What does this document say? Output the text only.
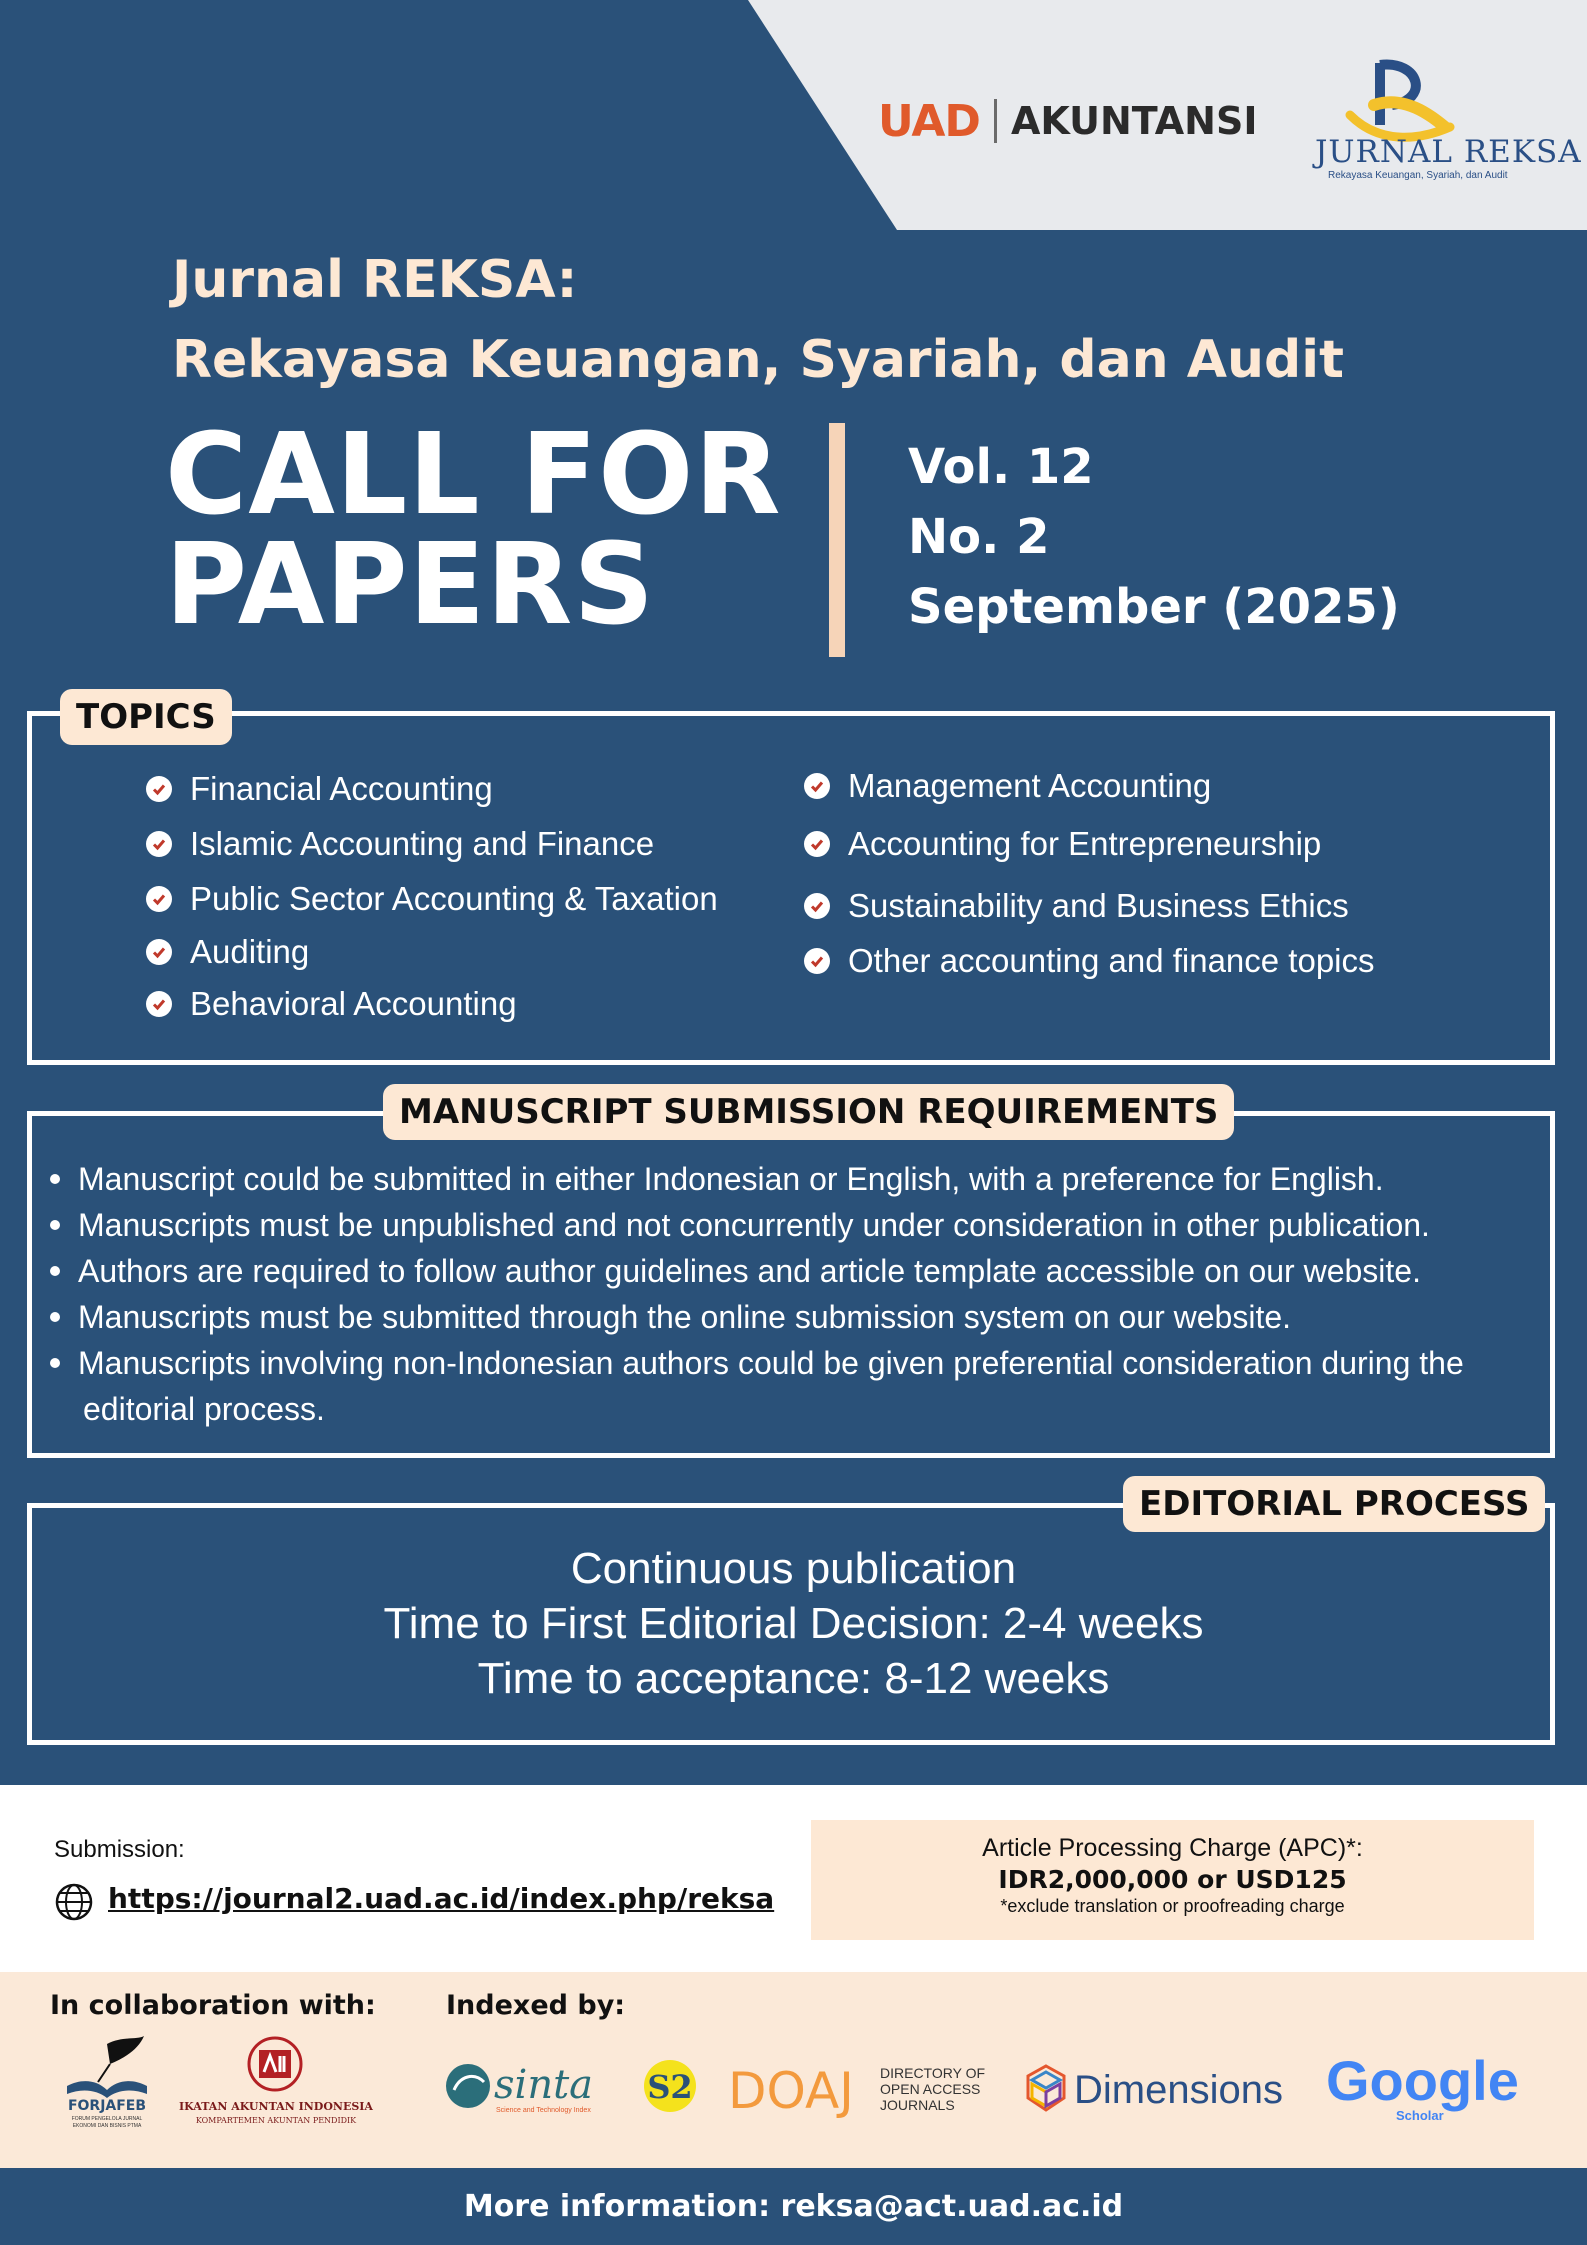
UAD AKUNTANSI
JURNAL REKSA
Rekayasa Keuangan, Syariah, dan Audit
Jurnal REKSA:
Rekayasa Keuangan, Syariah, dan Audit
CALL FOR
PAPERS
Vol. 12
No. 2
September (2025)
TOPICS
Financial Accounting
Islamic Accounting and Finance
Public Sector Accounting & Taxation
Auditing
Behavioral Accounting
Management Accounting
Accounting for Entrepreneurship
Sustainability and Business Ethics
Other accounting and finance topics
MANUSCRIPT SUBMISSION REQUIREMENTS
Manuscript could be submitted in either Indonesian or English, with a preference for English.
Manuscripts must be unpublished and not concurrently under consideration in other publication.
Authors are required to follow author guidelines and article template accessible on our website.
Manuscripts must be submitted through the online submission system on our website.
Manuscripts involving non-Indonesian authors could be given preferential consideration during the
editorial process.
EDITORIAL PROCESS
Continuous publication
Time to First Editorial Decision: 2-4 weeks
Time to acceptance: 8-12 weeks
Submission:
https://journal2.uad.ac.id/index.php/reksa
Article Processing Charge (APC)*:
IDR2,000,000 or USD125
*exclude translation or proofreading charge
In collaboration with:	Indexed by:
FORJAFEB
FORUM PENGELOLA JURNAL
EKONOMI DAN BISNIS PTMA
IKATAN AKUNTAN INDONESIA
KOMPARTEMEN AKUNTAN PENDIDIK
sinta
Science and Technology Index
S2 DOAJ DIRECTORY OF
OPEN ACCESS
JOURNALS	Dimensions Google
Scholar
More information: reksa@act.uad.ac.id
